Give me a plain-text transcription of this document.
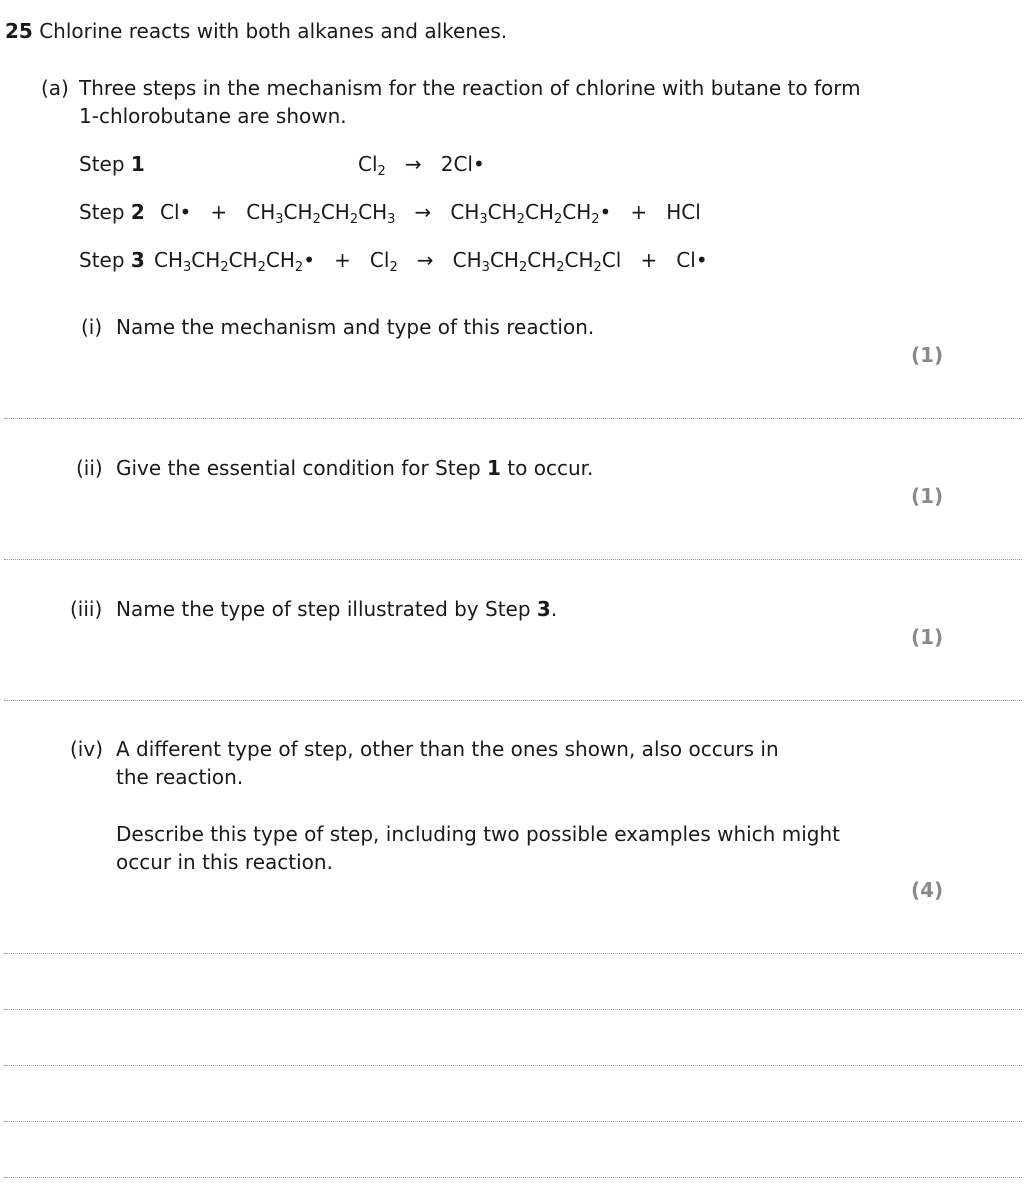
25 Chlorine reacts with both alkanes and alkenes.
(a) Three steps in the mechanism for the reaction of chlorine with butane to form
1-chlorobutane are shown.
Step 1	$Cl_2$ → 2Cl•
Step 2 Cl• + $CH_3CH_2CH_2CH_3$ → $CH_3CH_2CH_2CH_2•$ + HCl
Step 3 $CH_3CH_2CH_2CH_2• + Cl_2 \to CH_3CH_2CH_2CH_2Cl$ + Cl•
(i) Name the mechanism and type of this reaction.
(1)
(ii) Give the essential condition for Step 1 to occur.
(1)
(iii) Name the type of step illustrated by Step 3.
(1)
(iv) A different type of step, other than the ones shown, also occurs in
the reaction.
Describe this type of step, including two possible examples which might
occur in this reaction.
(4)
